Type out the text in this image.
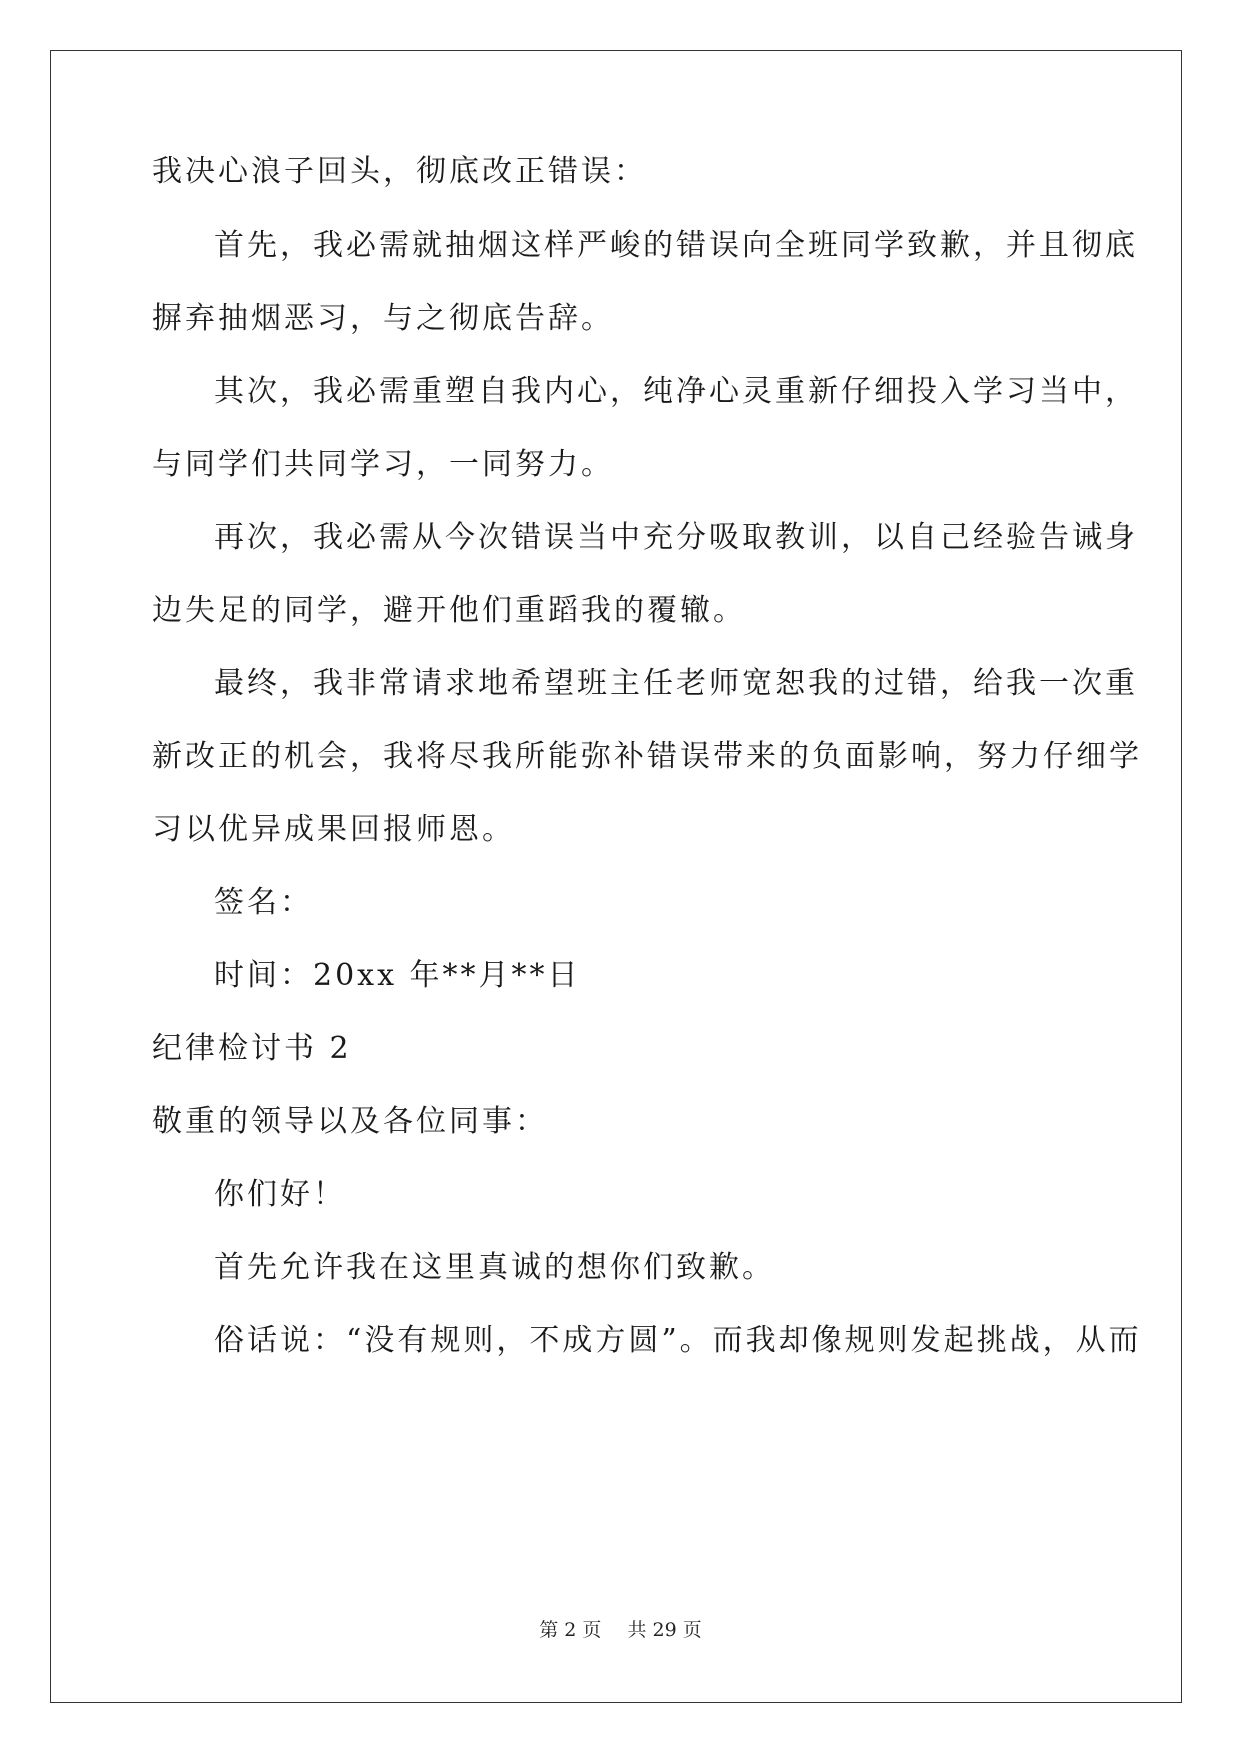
我决心浪子回头，彻底改正错误：
首先，我必需就抽烟这样严峻的错误向全班同学致歉，并且彻底
摒弃抽烟恶习，与之彻底告辞。
其次，我必需重塑自我内心，纯净心灵重新仔细投入学习当中，
与同学们共同学习，一同努力。
再次，我必需从今次错误当中充分吸取教训，以自己经验告诫身
边失足的同学，避开他们重蹈我的覆辙。
最终，我非常请求地希望班主任老师宽恕我的过错，给我一次重
新改正的机会，我将尽我所能弥补错误带来的负面影响，努力仔细学
习以优异成果回报师恩。
签名：
时间：20xx 年**月**日
纪律检讨书 2
敬重的领导以及各位同事：
你们好！
首先允许我在这里真诚的想你们致歉。
俗话说：“没有规则，不成方圆”。而我却像规则发起挑战，从而
第 2 页 共 29 页
